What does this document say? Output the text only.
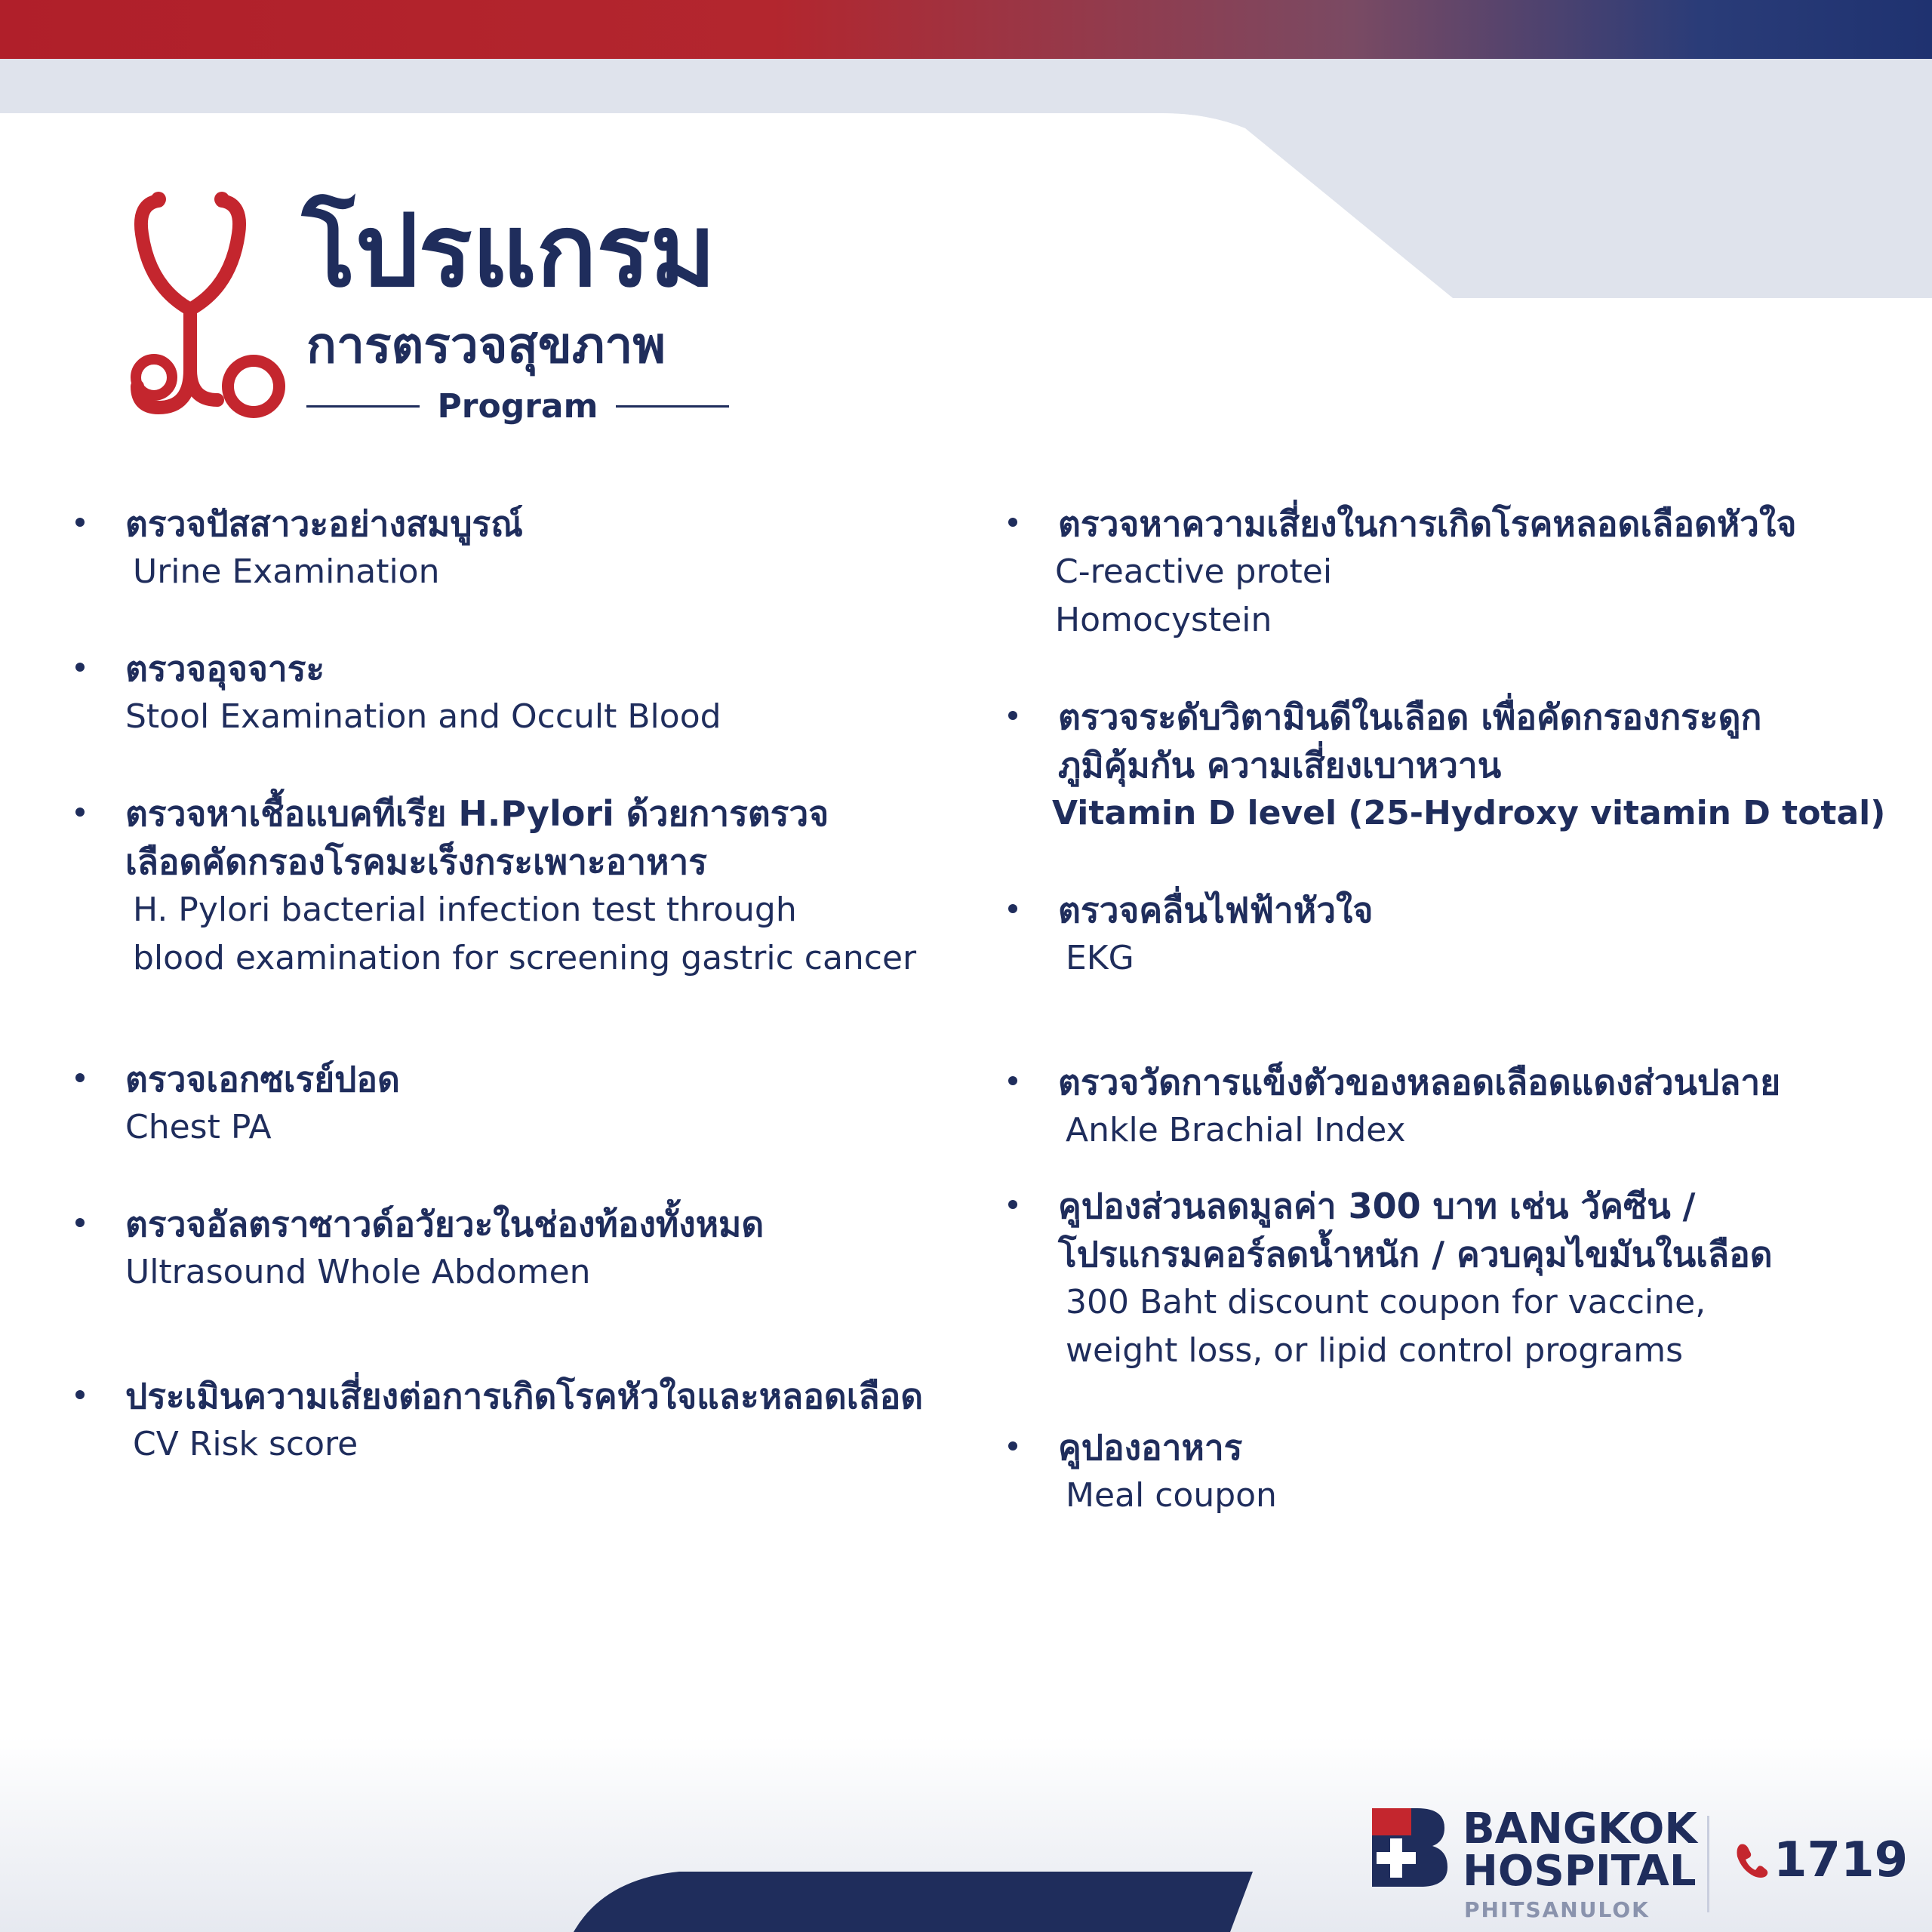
โปรแกรม
การตรวจสุขภาพ
Program
ตรวจปัสสาวะอย่างสมบูรณ์
Urine Examination
ตรวจอุจจาระ
Stool Examination and Occult Blood
ตรวจหาเชื้อแบคทีเรีย H.Pylori ด้วยการตรวจ
เลือดคัดกรองโรคมะเร็งกระเพาะอาหาร
H. Pylori bacterial infection test through
blood examination for screening gastric cancer
ตรวจเอกซเรย์ปอด
Chest PA
ตรวจอัลตราซาวด์อวัยวะในช่องท้องทั้งหมด
Ultrasound Whole Abdomen
ประเมินความเสี่ยงต่อการเกิดโรคหัวใจและหลอดเลือด
CV Risk score
ตรวจหาความเสี่ยงในการเกิดโรคหลอดเลือดหัวใจ
C-reactive protei
Homocystein
ตรวจระดับวิตามินดีในเลือด เพื่อคัดกรองกระดูก
ภูมิคุ้มกัน ความเสี่ยงเบาหวาน
Vitamin D level (25-Hydroxy vitamin D total)
ตรวจคลื่นไฟฟ้าหัวใจ
EKG
ตรวจวัดการแข็งตัวของหลอดเลือดแดงส่วนปลาย
Ankle Brachial Index
คูปองส่วนลดมูลค่า 300 บาท เช่น วัคซีน /
โปรแกรมคอร์ลดน้ำหนัก / ควบคุมไขมันในเลือด
300 Baht discount coupon for vaccine,
weight loss, or lipid control programs
คูปองอาหาร
Meal coupon
BANGKOK
HOSPITAL
PHITSANULOK
1719
